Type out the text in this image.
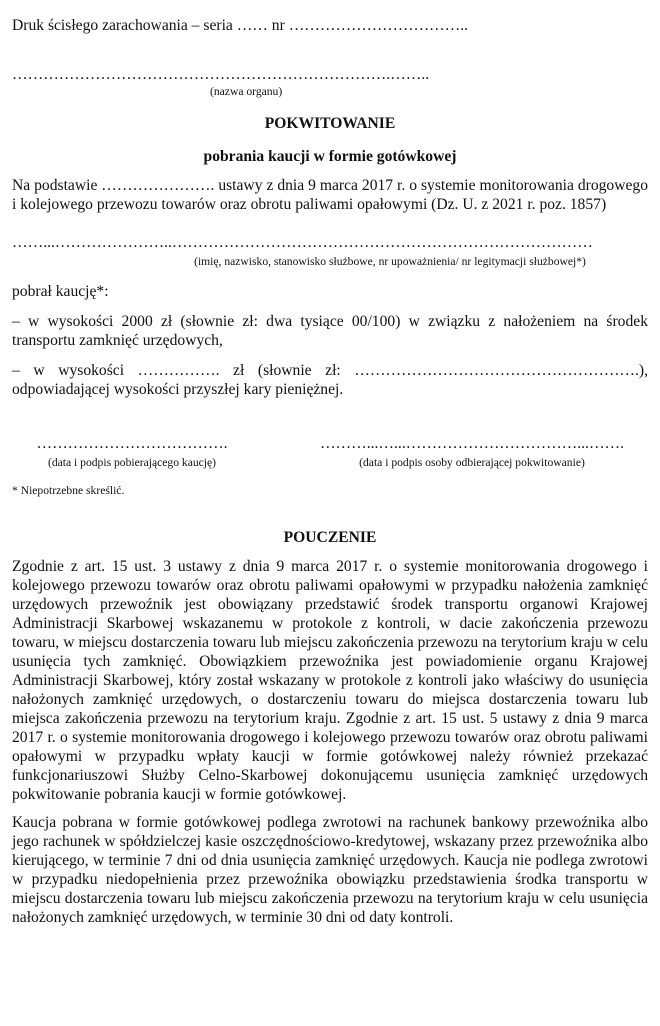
Druk ścisłego zarachowania – seria …… nr ……………………………..
……………………………………………………………….……..
(nazwa organu)
POKWITOWANIE
pobrania kaucji w formie gotówkowej

Na podstawie …………………. ustawy z dnia 9 marca 2017 r. o systemie monitorowania drogowego i kolejowego przewozu towarów oraz obrotu paliwami opałowymi (Dz. U. z 2021 r. poz. 1857)

……...…………………..………………………………………………………………………
(imię, nazwisko, stanowisko służbowe, nr upoważnienia/ nr legitymacji służbowej*)

pobrał kaucję*:

– w wysokości 2000 zł (słownie zł: dwa tysiące 00/100) w związku z nałożeniem na środek transportu zamknięć urzędowych,

– w wysokości ……………. zł (słownie zł: ……………………………………………….), odpowiadającej wysokości przyszłej kary pieniężnej.

……………………………….
(data i podpis pobierającego kaucję)
………...…...……………………………...…….
(data i podpis osoby odbierającej pokwitowanie)
* Niepotrzebne skreślić.
POUCZENIE

Zgodnie z art. 15 ust. 3 ustawy z dnia 9 marca 2017 r. o systemie monitorowania drogowego i kolejowego przewozu towarów oraz obrotu paliwami opałowymi w przypadku nałożenia zamknięć urzędowych przewoźnik jest obowiązany przedstawić środek transportu organowi Krajowej Administracji Skarbowej wskazanemu w protokole z kontroli, w dacie zakończenia przewozu towaru, w miejscu dostarczenia towaru lub miejscu zakończenia przewozu na terytorium kraju w celu usunięcia tych zamknięć. Obowiązkiem przewoźnika jest powiadomienie organu Krajowej Administracji Skarbowej, który został wskazany w protokole z kontroli jako właściwy do usunięcia nałożonych zamknięć urzędowych, o dostarczeniu towaru do miejsca dostarczenia towaru lub miejsca zakończenia przewozu na terytorium kraju. Zgodnie z art. 15 ust. 5 ustawy z dnia 9 marca 2017 r. o systemie monitorowania drogowego i kolejowego przewozu towarów oraz obrotu paliwami opałowymi w przypadku wpłaty kaucji w formie gotówkowej należy również przekazać funkcjonariuszowi Służby Celno-Skarbowej dokonującemu usunięcia zamknięć urzędowych pokwitowanie pobrania kaucji w formie gotówkowej.

Kaucja pobrana w formie gotówkowej podlega zwrotowi na rachunek bankowy przewoźnika albo jego rachunek w spółdzielczej kasie oszczędnościowo-kredytowej, wskazany przez przewoźnika albo kierującego, w terminie 7 dni od dnia usunięcia zamknięć urzędowych. Kaucja nie podlega zwrotowi w przypadku niedopełnienia przez przewoźnika obowiązku przedstawienia środka transportu w miejscu dostarczenia towaru lub miejscu zakończenia przewozu na terytorium kraju w celu usunięcia nałożonych zamknięć urzędowych, w terminie 30 dni od daty kontroli.
